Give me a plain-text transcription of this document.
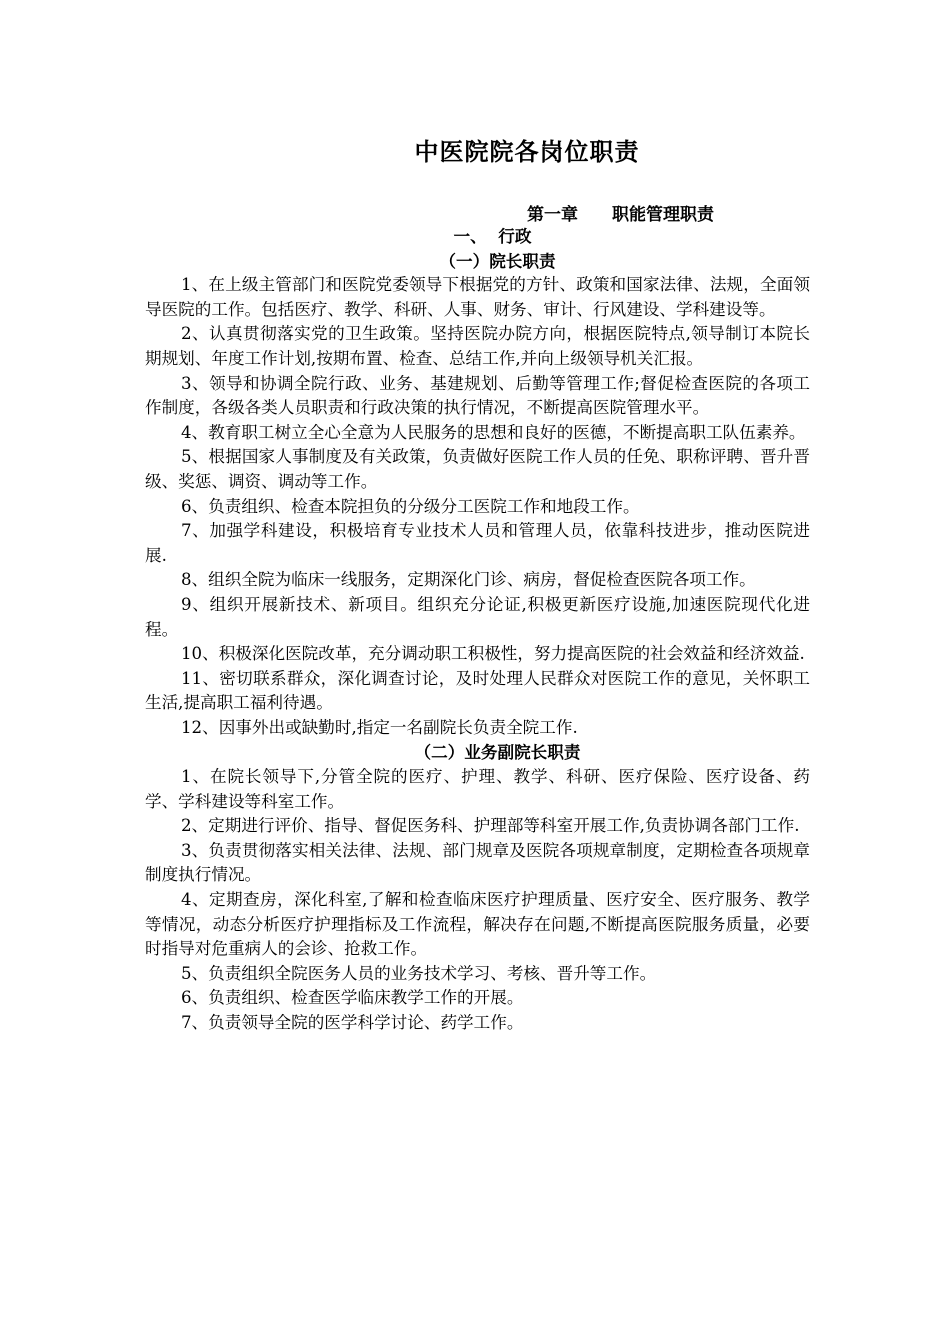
中医院院各岗位职责
第一章 职能管理职责
一、  行政
（一）院长职责

1、在上级主管部门和医院党委领导下根据党的方针、政策和国家法律、法规，全面领导医院的工作。包括医疗、教学、科研、人事、财务、审计、行风建设、学科建设等。

2、认真贯彻落实党的卫生政策。坚持医院办院方向，根据医院特点,领导制订本院长期规划、年度工作计划,按期布置、检查、总结工作,并向上级领导机关汇报。

3、领导和协调全院行政、业务、基建规划、后勤等管理工作;督促检查医院的各项工作制度，各级各类人员职责和行政决策的执行情况，不断提高医院管理水平。

4、教育职工树立全心全意为人民服务的思想和良好的医德，不断提高职工队伍素养。

5、根据国家人事制度及有关政策，负责做好医院工作人员的任免、职称评聘、晋升晋级、奖惩、调资、调动等工作。

6、负责组织、检查本院担负的分级分工医院工作和地段工作。

7、加强学科建设，积极培育专业技术人员和管理人员，依靠科技进步，推动医院进展.

8、组织全院为临床一线服务，定期深化门诊、病房，督促检查医院各项工作。

9、组织开展新技术、新项目。组织充分论证,积极更新医疗设施,加速医院现代化进程。

10、积极深化医院改革，充分调动职工积极性，努力提高医院的社会效益和经济效益.

11、密切联系群众，深化调查讨论，及时处理人民群众对医院工作的意见，关怀职工生活,提高职工福利待遇。

12、因事外出或缺勤时,指定一名副院长负责全院工作.

（二）业务副院长职责

1、在院长领导下,分管全院的医疗、护理、教学、科研、医疗保险、医疗设备、药学、学科建设等科室工作。

2、定期进行评价、指导、督促医务科、护理部等科室开展工作,负责协调各部门工作.

3、负责贯彻落实相关法律、法规、部门规章及医院各项规章制度，定期检查各项规章制度执行情况。

4、定期查房，深化科室,了解和检查临床医疗护理质量、医疗安全、医疗服务、教学等情况，动态分析医疗护理指标及工作流程，解决存在问题,不断提高医院服务质量，必要时指导对危重病人的会诊、抢救工作。

5、负责组织全院医务人员的业务技术学习、考核、晋升等工作。

6、负责组织、检查医学临床教学工作的开展。

7、负责领导全院的医学科学讨论、药学工作。
